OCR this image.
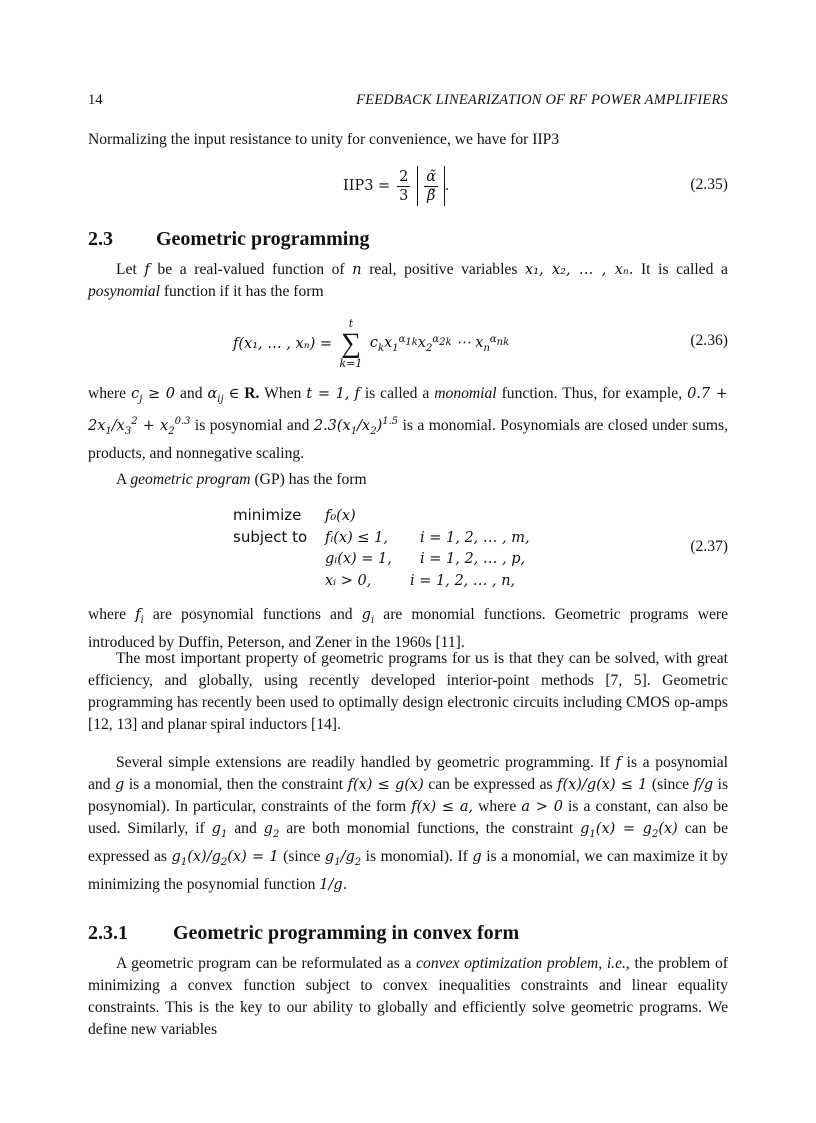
14	FEEDBACK LINEARIZATION OF RF POWER AMPLIFIERS
Normalizing the input resistance to unity for convenience, we have for IIP3
$IIP3 = \frac{2}{3}$
$\frac{\alphã}{\betã}$ .	(2.35)
2.3 Geometric programming
Let f be a real-valued function of n real, positive variables x₁, x₂, … , xₙ. It is called a posynomial function if it has the form
f(x₁, … , xₙ) =
t
∑
k=1
$c_kx_1^{\alpha_{1k}}x_2^{\alpha_{2k}}$ ⋯ $x_n^{\alpha_{nk}}$	(2.36)
where $c_j \ge 0$ and $\alpha_{ij}$ ∈ R. When t = 1, f is called a monomial function. Thus, for example, $0.7 + 2x_1/x_3^2 + x_2^{0.3}$ is posynomial and $2.3(x_1/x_2)^{1.5}$ is a monomial. Posynomials are closed under sums, products, and nonnegative scaling.
A geometric program (GP) has the form
minimize f₀(x)
subject to fᵢ(x) ≤ 1, i = 1, 2, … , m,
gᵢ(x) = 1, i = 1, 2, … , p,
xᵢ > 0,	i = 1, 2, … , n,
(2.37)
where $f_i$ are posynomial functions and $g_i$ are monomial functions. Geometric programs were introduced by Duffin, Peterson, and Zener in the 1960s [11].
The most important property of geometric programs for us is that they can be solved, with great efficiency, and globally, using recently developed interior-point methods [7, 5]. Geometric programming has recently been used to optimally design electronic circuits including CMOS op-amps [12, 13] and planar spiral inductors [14].
Several simple extensions are readily handled by geometric programming. If f is a posynomial and g is a monomial, then the constraint f(x) ≤ g(x) can be expressed as f(x)/g(x) ≤ 1 (since f/g is posynomial). In particular, constraints of the form f(x) ≤ a, where a > 0 is a constant, can also be used. Similarly, if $g_1$ and $g_2$ are both monomial functions, the constraint $g_1(x) = g_2(x)$ can be expressed as $g_1(x)/g_2(x) = 1$ (since $g_1/g_2$ is monomial). If g is a monomial, we can maximize it by minimizing the posynomial function 1/g.
2.3.1 Geometric programming in convex form
A geometric program can be reformulated as a convex optimization problem, i.e., the problem of minimizing a convex function subject to convex inequalities constraints and linear equality constraints. This is the key to our ability to globally and efficiently solve geometric programs. We define new variables
